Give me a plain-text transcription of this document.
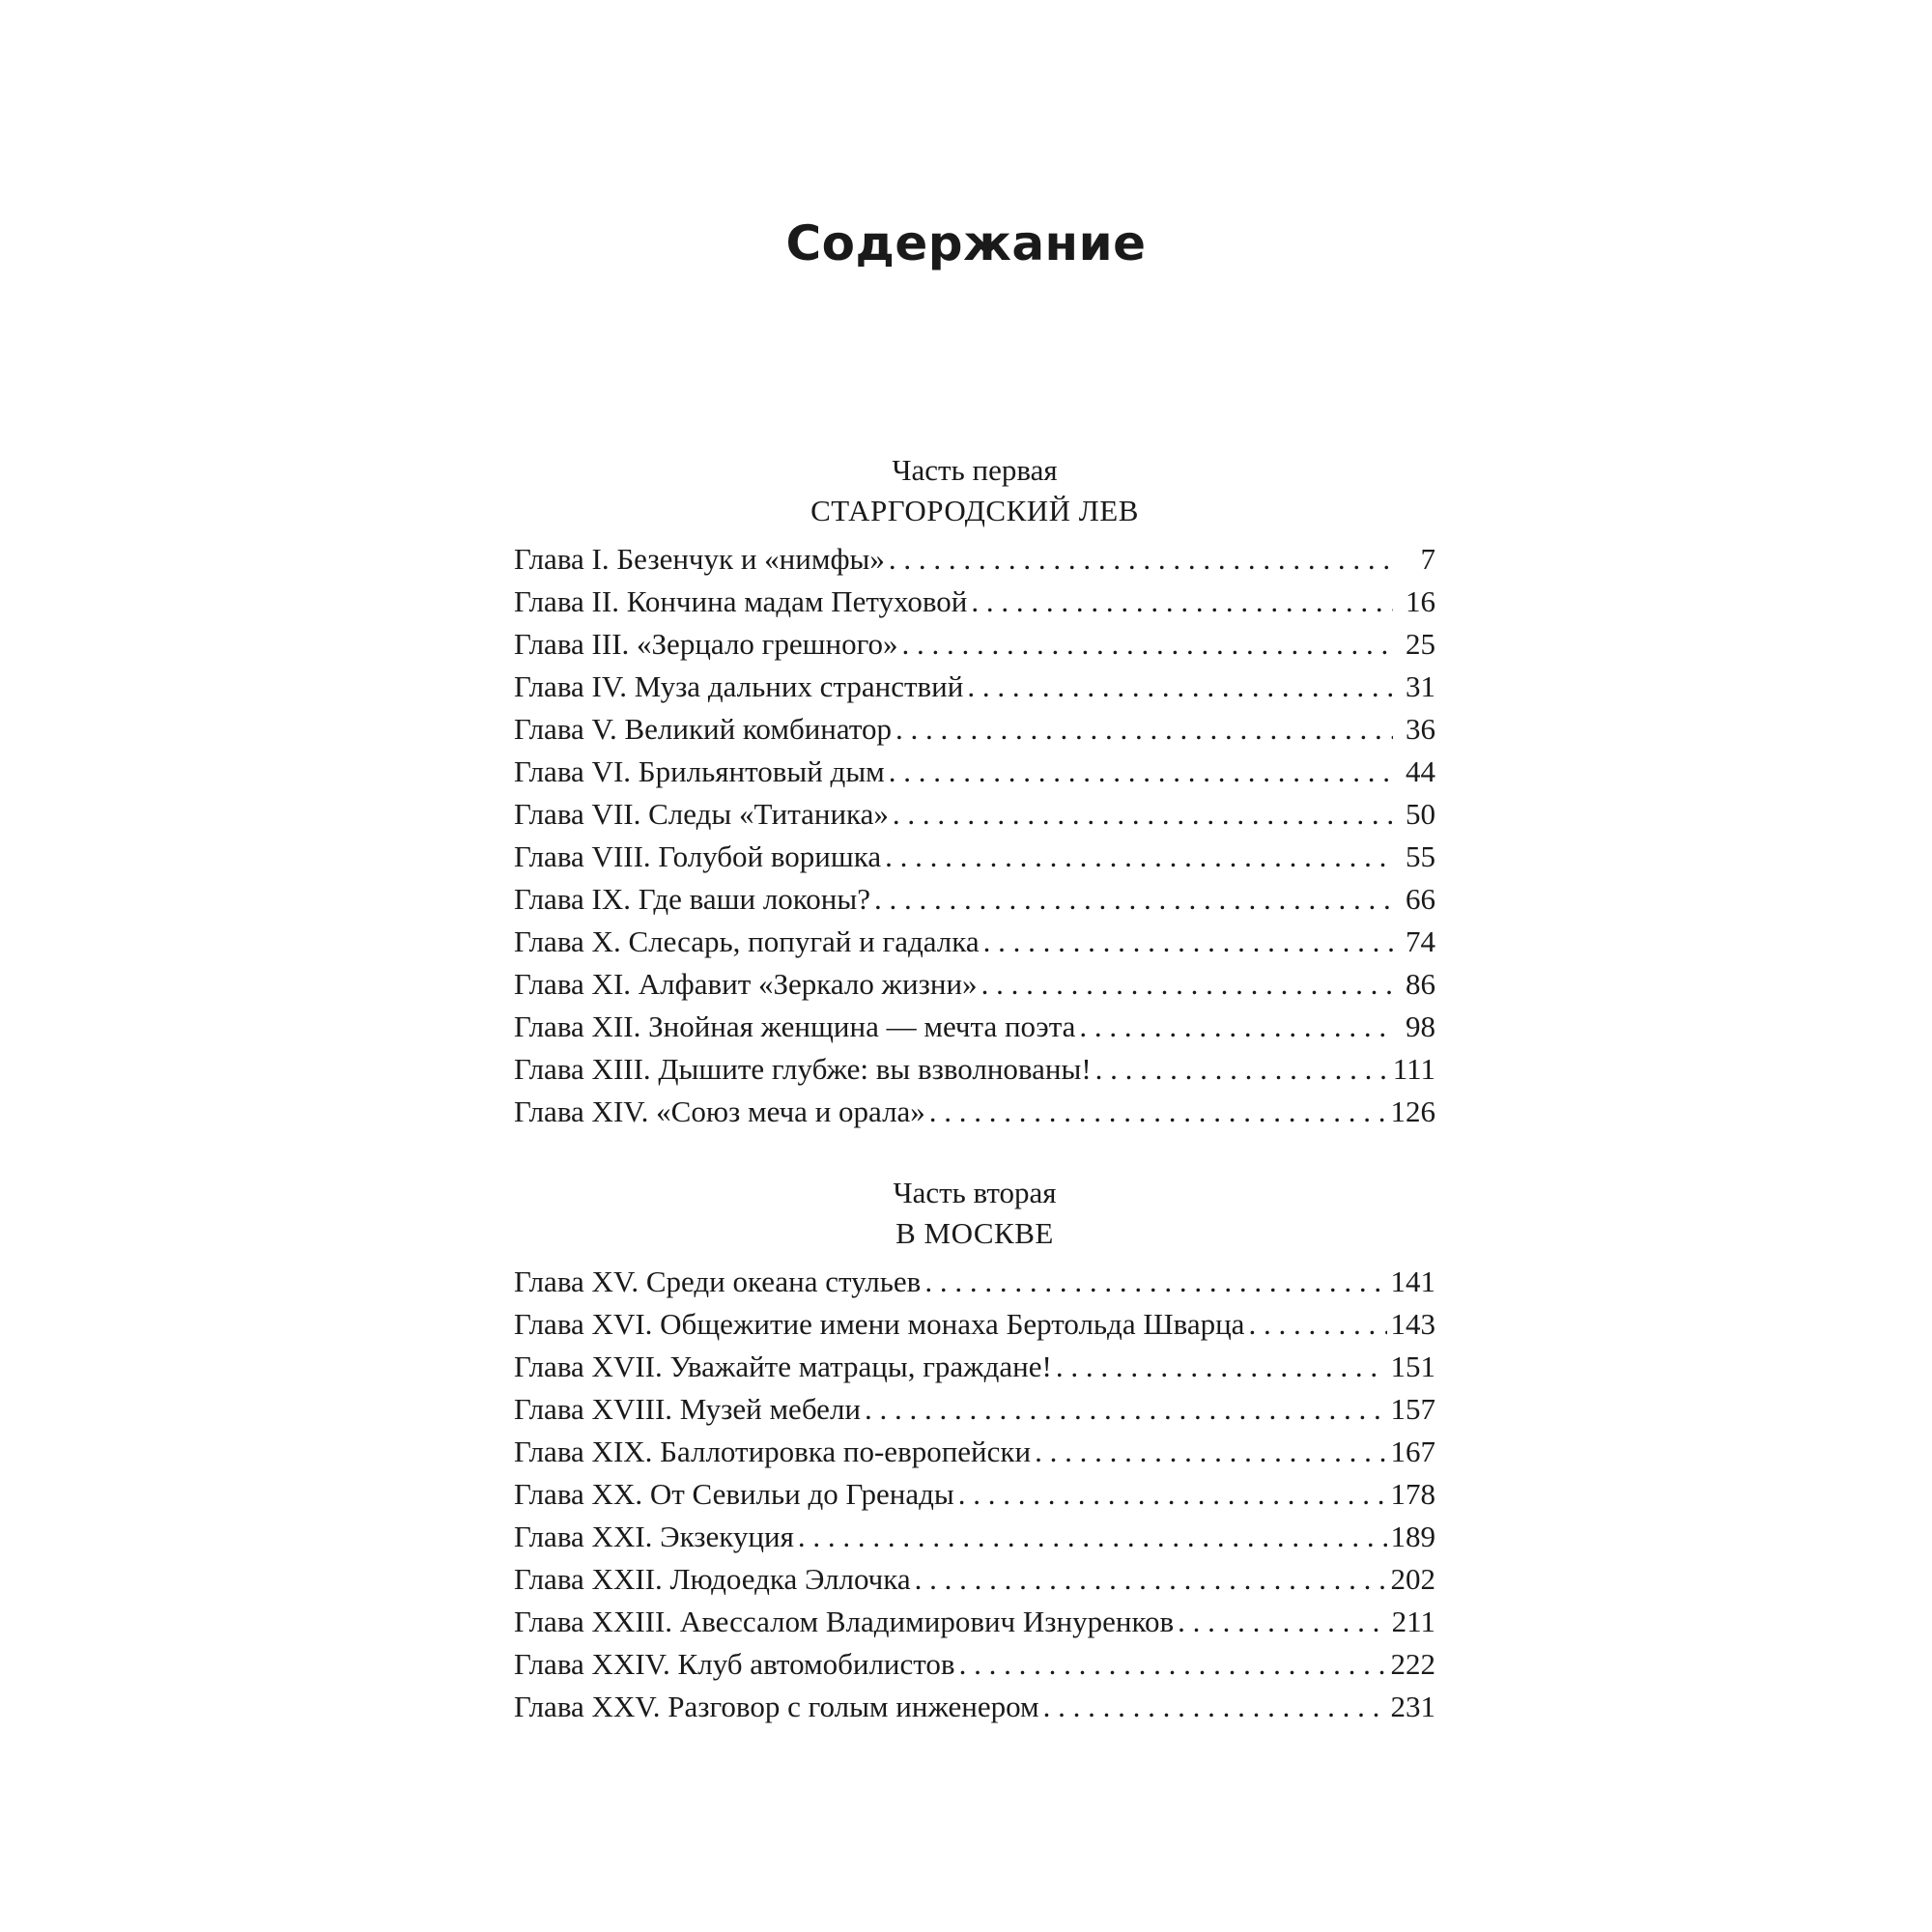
Содержание
Часть первая
СТАРГОРОДСКИЙ ЛЕВ
Глава I. Безенчук и «нимфы» . . .	7
Глава II. Кончина мадам Петуховой . . .	16
Глава III. «Зерцало грешного» . . .	25
Глава IV. Муза дальних странствий . . .	31
Глава V. Великий комбинатор . . .	36
Глава VI. Брильянтовый дым . . .	44
Глава VII. Следы «Титаника» . . .	50
Глава VIII. Голубой воришка . . .	55
Глава IX. Где ваши локоны? . . .	66
Глава X. Слесарь, попугай и гадалка . . .	74
Глава XI. Алфавит «Зеркало жизни» . . .	86
Глава XII. Знойная женщина — мечта поэта . . .	98
Глава XIII. Дышите глубже: вы взволнованы! . . .	111
Глава XIV. «Союз меча и орала» . . .	126
Часть вторая
В МОСКВЕ
Глава XV. Среди океана стульев . . .	141
Глава XVI. Общежитие имени монаха Бертольда Шварца . . .	143
Глава XVII. Уважайте матрацы, граждане! . . .	151
Глава XVIII. Музей мебели . . .	157
Глава XIX. Баллотировка по-европейски . . .	167
Глава XX. От Севильи до Гренады . . .	178
Глава XXI. Экзекуция . . .	189
Глава XXII. Людоедка Эллочка . . .	202
Глава XXIII. Авессалом Владимирович Изнуренков . . .	211
Глава XXIV. Клуб автомобилистов . . .	222
Глава XXV. Разговор с голым инженером . . .	231
